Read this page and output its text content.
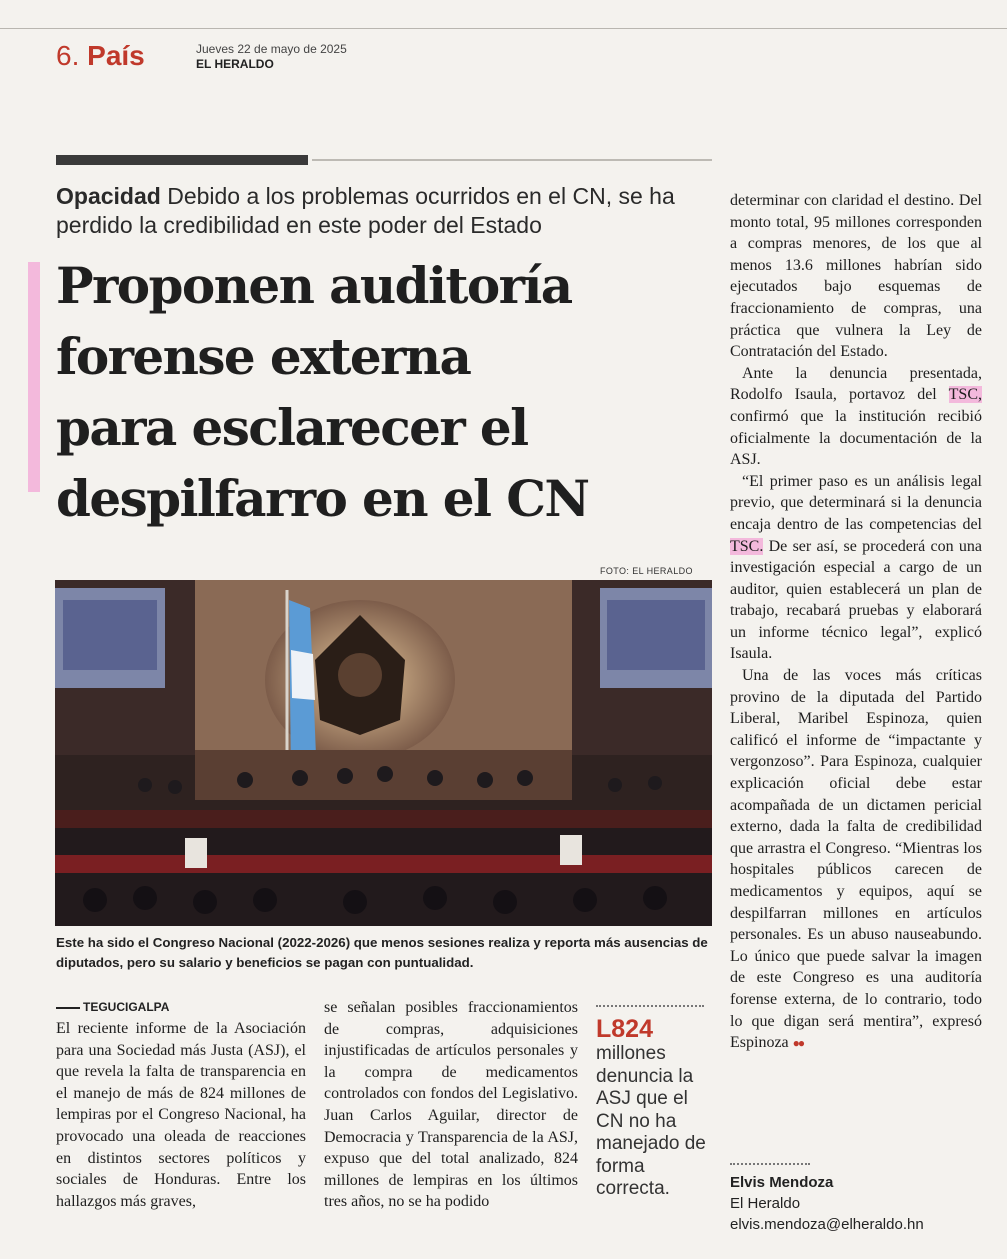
6. País	Jueves 22 de mayo de 2025
EL HERALDO
Opacidad Debido a los problemas ocurridos en el CN, se ha perdido la credibilidad en este poder del Estado
Proponen auditoría
forense externa
para esclarecer el
despilfarro en el CN
FOTO: EL HERALDO
Este ha sido el Congreso Nacional (2022-2026) que menos sesiones realiza y reporta más ausencias de diputados, pero su salario y beneficios se pagan con puntualidad.
TEGUCIGALPA

El reciente informe de la Asociación para una Sociedad más Justa (ASJ), el que revela la falta de transparencia en el manejo de más de 824 millones de lempiras por el Congreso Nacional, ha provocado una oleada de reacciones en distintos sectores políticos y sociales de Honduras. Entre los hallazgos más graves,

se señalan posibles fraccionamientos de compras, adquisiciones injustificadas de artículos personales y la compra de medicamentos controlados con fondos del Legislativo. Juan Carlos Aguilar, director de Democracia y Transparencia de la ASJ, expuso que del total analizado, 824 millones de lempiras en los últimos tres años, no se ha podido

L824
millones denuncia la ASJ que el CN no ha manejado de forma correcta.

determinar con claridad el destino. Del monto total, 95 millones corresponden a compras menores, de los que al menos 13.6 millones habrían sido ejecutados bajo esquemas de fraccionamiento de compras, una práctica que vulnera la Ley de Contratación del Estado.

Ante la denuncia presentada, Rodolfo Isaula, portavoz del TSC, confirmó que la institución recibió oficialmente la documentación de la ASJ.

“El primer paso es un análisis legal previo, que determinará si la denuncia encaja dentro de las competencias del TSC. De ser así, se procederá con una investigación especial a cargo de un auditor, quien establecerá un plan de trabajo, recabará pruebas y elaborará un informe técnico legal”, explicó Isaula.

Una de las voces más críticas provino de la diputada del Partido Liberal, Maribel Espinoza, quien calificó el informe de “impactante y vergonzoso”. Para Espinoza, cualquier explicación oficial debe estar acompañada de un dictamen pericial externo, dada la falta de credibilidad que arrastra el Congreso. “Mientras los hospitales públicos carecen de medicamentos y equipos, aquí se despilfarran millones en artículos personales. Es un abuso nauseabundo. Lo único que puede salvar la imagen de este Congreso es una auditoría forense externa, de lo contrario, todo lo que digan será mentira”, expresó Espinoza ●●

Elvis Mendoza
El Heraldo
elvis.mendoza@elheraldo.hn
